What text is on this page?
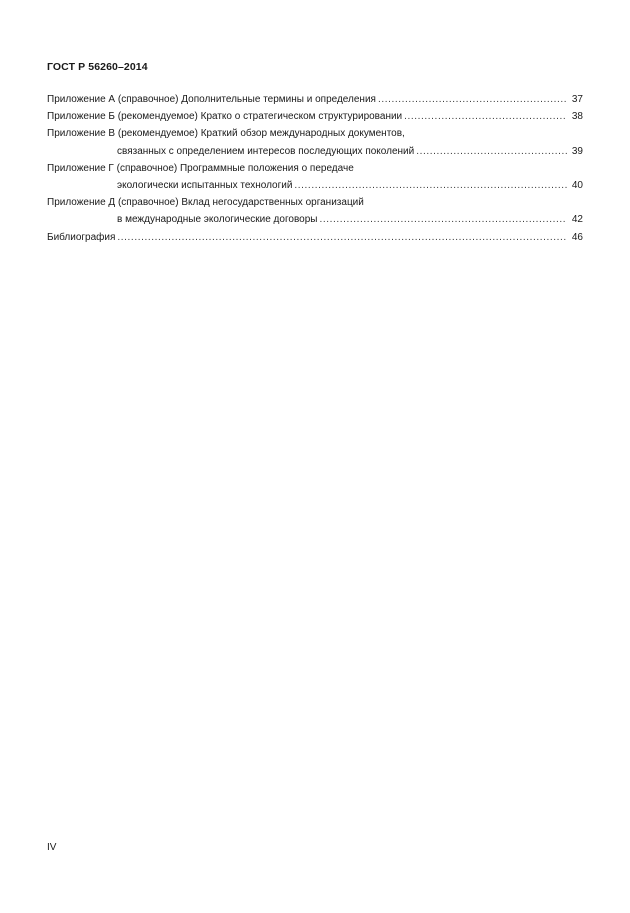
ГОСТ Р 56260–2014
Приложение А (справочное) Дополнительные термины и определения .....	37
Приложение Б (рекомендуемое) Кратко о стратегическом структурировании .....	38
Приложение В (рекомендуемое) Краткий обзор международных документов,
связанных с определением интересов последующих поколений .....	39
Приложение Г (справочное) Программные положения о передаче
экологически испытанных технологий .....	40
Приложение Д (справочное) Вклад негосударственных организаций
в международные экологические договоры .....	42
Библиография .....	46
IV
